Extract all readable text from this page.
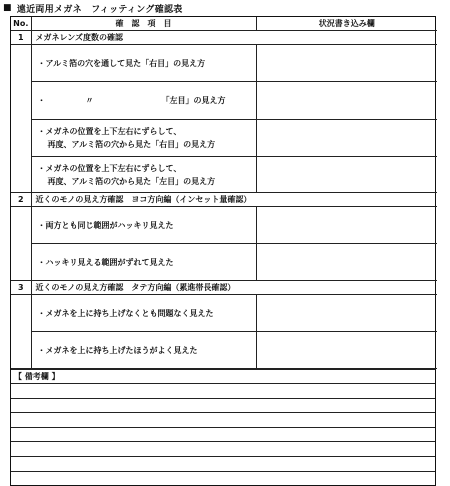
■ 遠近両用メガネ　フィッティング確認表
No.	確　認　項　目	状況書き込み欄
1	メガネレンズ度数の確認	

	・アルミ箔の穴を通して見た「右目」の見え方	

	・　　　　　〃　　　　　　　　　「左目」の見え方	

	・メガネの位置を上下左右にずらして、
再度、アルミ箔の穴から見た「右目」の見え方	

	・メガネの位置を上下左右にずらして、
再度、アルミ箔の穴から見た「左目」の見え方	

2	近くのモノの見え方確認　ヨコ方向編（インセット量確認）	

	・両方とも同じ範囲がハッキリ見えた	

	・ハッキリ見える範囲がずれて見えた	

3	近くのモノの見え方確認　タテ方向編（累進帯長確認）	

	・メガネを上に持ち上げなくとも問題なく見えた	

	・メガネを上に持ち上げたほうがよく見えた	

【 備考欄 】
